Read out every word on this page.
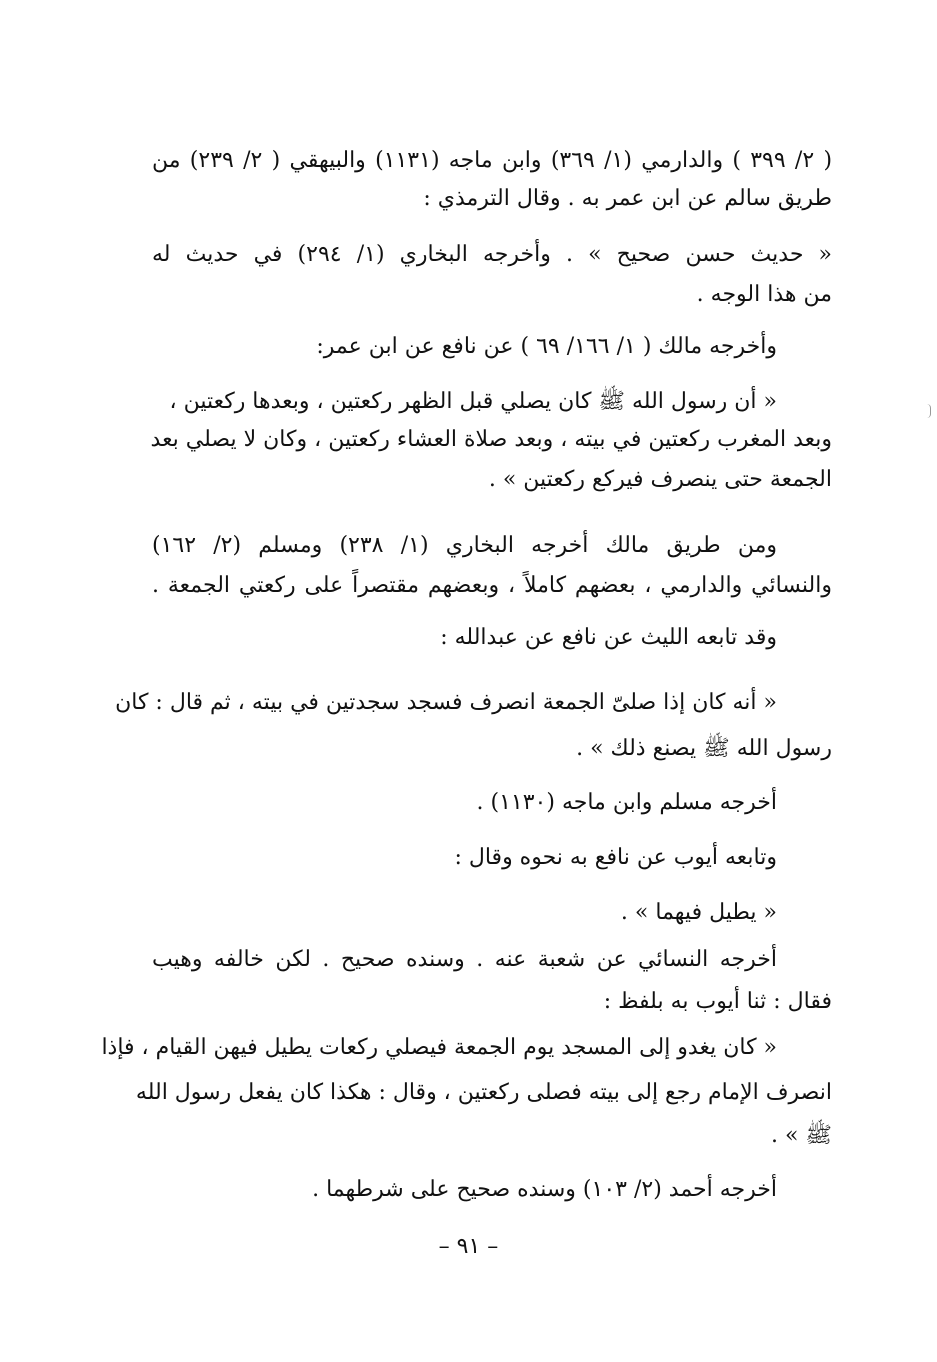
( ٢/ ٣٩٩ ) والدارمي (١/ ٣٦٩) وابن ماجه (١١٣١) والبيهقي ( ٢/ ٢٣٩) من
طريق سالم عن ابن عمر به . وقال الترمذي :
« حديث حسن صحيح » . وأخرجه البخاري (١/ ٢٩٤) في حديث له
من هذا الوجه .
وأخرجه مالك ( ١/ ١٦٦/ ٦٩ ) عن نافع عن ابن عمر:
« أن رسول الله ﷺ كان يصلي قبل الظهر ركعتين ، وبعدها ركعتين ،
وبعد المغرب ركعتين في بيته ، وبعد صلاة العشاء ركعتين ، وكان لا يصلي بعد
الجمعة حتى ينصرف فيركع ركعتين » .
ومن طريق مالك أخرجه البخاري (١/ ٢٣٨) ومسلم (٢/ ١٦٢)
والنسائي والدارمي ، بعضهم كاملاً ، وبعضهم مقتصراً على ركعتي الجمعة .
وقد تابعه الليث عن نافع عن عبدالله :
« أنه كان إذا صلىّ الجمعة انصرف فسجد سجدتين في بيته ، ثم قال : كان
رسول الله ﷺ يصنع ذلك » .
أخرجه مسلم وابن ماجه (١١٣٠) .
وتابعه أيوب عن نافع به نحوه وقال :
« يطيل فيهما » .
أخرجه النسائي عن شعبة عنه . وسنده صحيح . لكن خالفه وهيب
فقال : ثنا أيوب به بلفظ :
« كان يغدو إلى المسجد يوم الجمعة فيصلي ركعات يطيل فيهن القيام ، فإذا
انصرف الإمام رجع إلى بيته فصلى ركعتين ، وقال : هكذا كان يفعل رسول الله
ﷺ » .
أخرجه أحمد (٢/ ١٠٣) وسنده صحيح على شرطهما .
– ٩١ –
